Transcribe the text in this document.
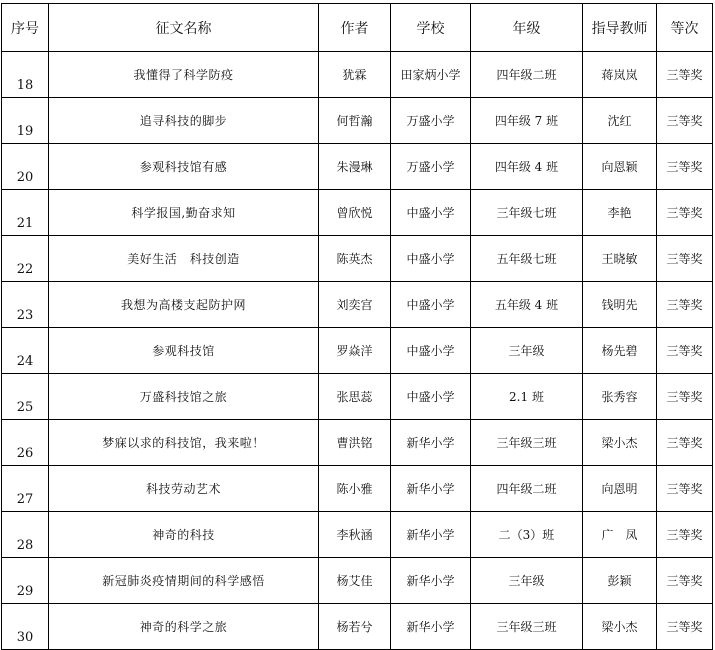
序号	征文名称	作者	学校	年级	指导教师	等次
18	我懂得了科学防疫	犹霖	田家炳小学	四年级二班	蒋岚岚	三等奖
19	追寻科技的脚步	何哲瀚	万盛小学	四年级 7 班	沈红	三等奖
20	参观科技馆有感	朱漫琳	万盛小学	四年级 4 班	向恩颖	三等奖
21	科学报国,勤奋求知	曾欣悦	中盛小学	三年级七班	李艳	三等奖
22	美好生活　科技创造	陈英杰	中盛小学	五年级七班	王晓敏	三等奖
23	我想为高楼支起防护网	刘奕宫	中盛小学	五年级 4 班	钱明先	三等奖
24	参观科技馆	罗焱洋	中盛小学	三年级	杨先碧	三等奖
25	万盛科技馆之旅	张思蕊	中盛小学	2.1 班	张秀容	三等奖
26	梦寐以求的科技馆，我来啦！	曹洪铭	新华小学	三年级三班	梁小杰	三等奖
27	科技劳动艺术	陈小雅	新华小学	四年级二班	向恩明	三等奖
28	神奇的科技	李秋涵	新华小学	二（3）班	广　凤	三等奖
29	新冠肺炎疫情期间的科学感悟	杨艾佳	新华小学	三年级	彭颖	三等奖
30	神奇的科学之旅	杨若兮	新华小学	三年级三班	梁小杰	三等奖
